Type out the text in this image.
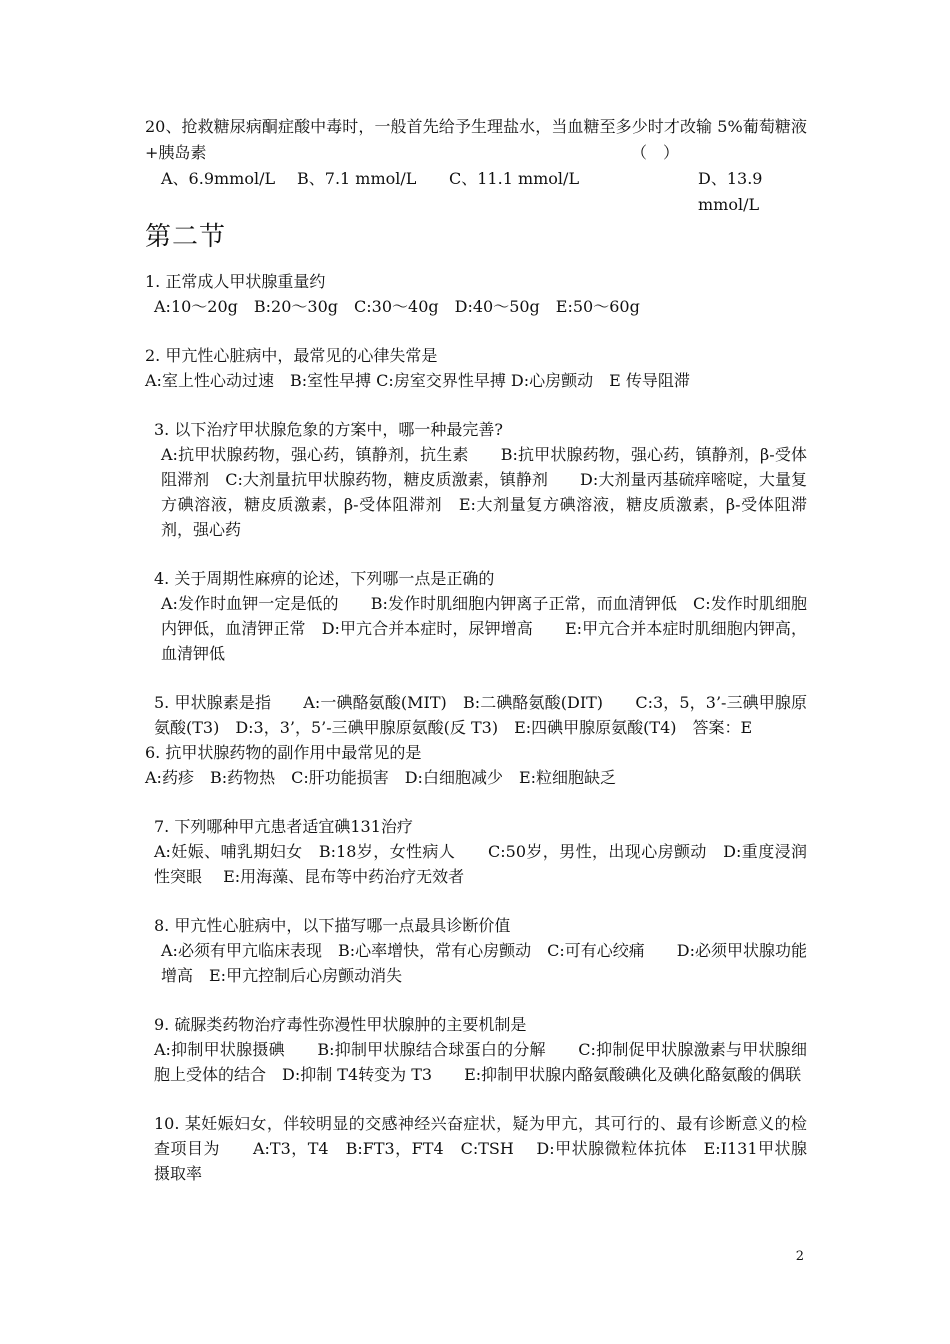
20、抢救糖尿病酮症酸中毒时，一般首先给予生理盐水，当血糖至多少时才改输 5%葡萄糖液+胰岛素	（　）
A、6.9mmol/L B、7.1 mmol/L C、11.1 mmol/L	D、13.9 mmol/L
第二节
1. 正常成人甲状腺重量约
A:10～20g　B:20～30g　C:30～40g　D:40～50g　E:50～60g
2. 甲亢性心脏病中，最常见的心律失常是
A:室上性心动过速　B:室性早搏 C:房室交界性早搏 D:心房颤动　E 传导阻滞
3. 以下治疗甲状腺危象的方案中，哪一种最完善?
A:抗甲状腺药物，强心药，镇静剂，抗生素　　B:抗甲状腺药物，强心药，镇静剂，β-受体阻滞剂　C:大剂量抗甲状腺药物，糖皮质激素，镇静剂　　D:大剂量丙基硫痒嘧啶，大量复方碘溶液，糖皮质激素，β-受体阻滞剂　E:大剂量复方碘溶液，糖皮质激素，β-受体阻滞剂，强心药
4. 关于周期性麻痹的论述，下列哪一点是正确的
A:发作时血钾一定是低的　　B:发作时肌细胞内钾离子正常，而血清钾低　C:发作时肌细胞内钾低，血清钾正常　D:甲亢合并本症时，尿钾增高　　E:甲亢合并本症时肌细胞内钾高，血清钾低
5. 甲状腺素是指　　A:一碘酪氨酸(MIT)　B:二碘酪氨酸(DIT)　　C:3，5，3’-三碘甲腺原氨酸(T3)　D:3，3’，5’-三碘甲腺原氨酸(反 T3)　E:四碘甲腺原氨酸(T4)　答案：E
6. 抗甲状腺药物的副作用中最常见的是
A:药疹　B:药物热　C:肝功能损害　D:白细胞减少　E:粒细胞缺乏
7. 下列哪种甲亢患者适宜碘131治疗
A:妊娠、哺乳期妇女　B:18岁，女性病人　　C:50岁，男性，出现心房颤动　D:重度浸润性突眼　 E:用海藻、昆布等中药治疗无效者
8. 甲亢性心脏病中，以下描写哪一点最具诊断价值
A:必须有甲亢临床表现　B:心率增快，常有心房颤动　C:可有心绞痛　　D:必须甲状腺功能增高　E:甲亢控制后心房颤动消失
9. 硫脲类药物治疗毒性弥漫性甲状腺肿的主要机制是
A:抑制甲状腺摄碘　　B:抑制甲状腺结合球蛋白的分解　　C:抑制促甲状腺激素与甲状腺细胞上受体的结合　D:抑制 T4转变为 T3　　E:抑制甲状腺内酪氨酸碘化及碘化酪氨酸的偶联
10. 某妊娠妇女，伴较明显的交感神经兴奋症状，疑为甲亢，其可行的、最有诊断意义的检 查项目为　　A:T3，T4　B:FT3，FT4　C:TSH　 D:甲状腺微粒体抗体　E:I131甲状腺摄取率
2
